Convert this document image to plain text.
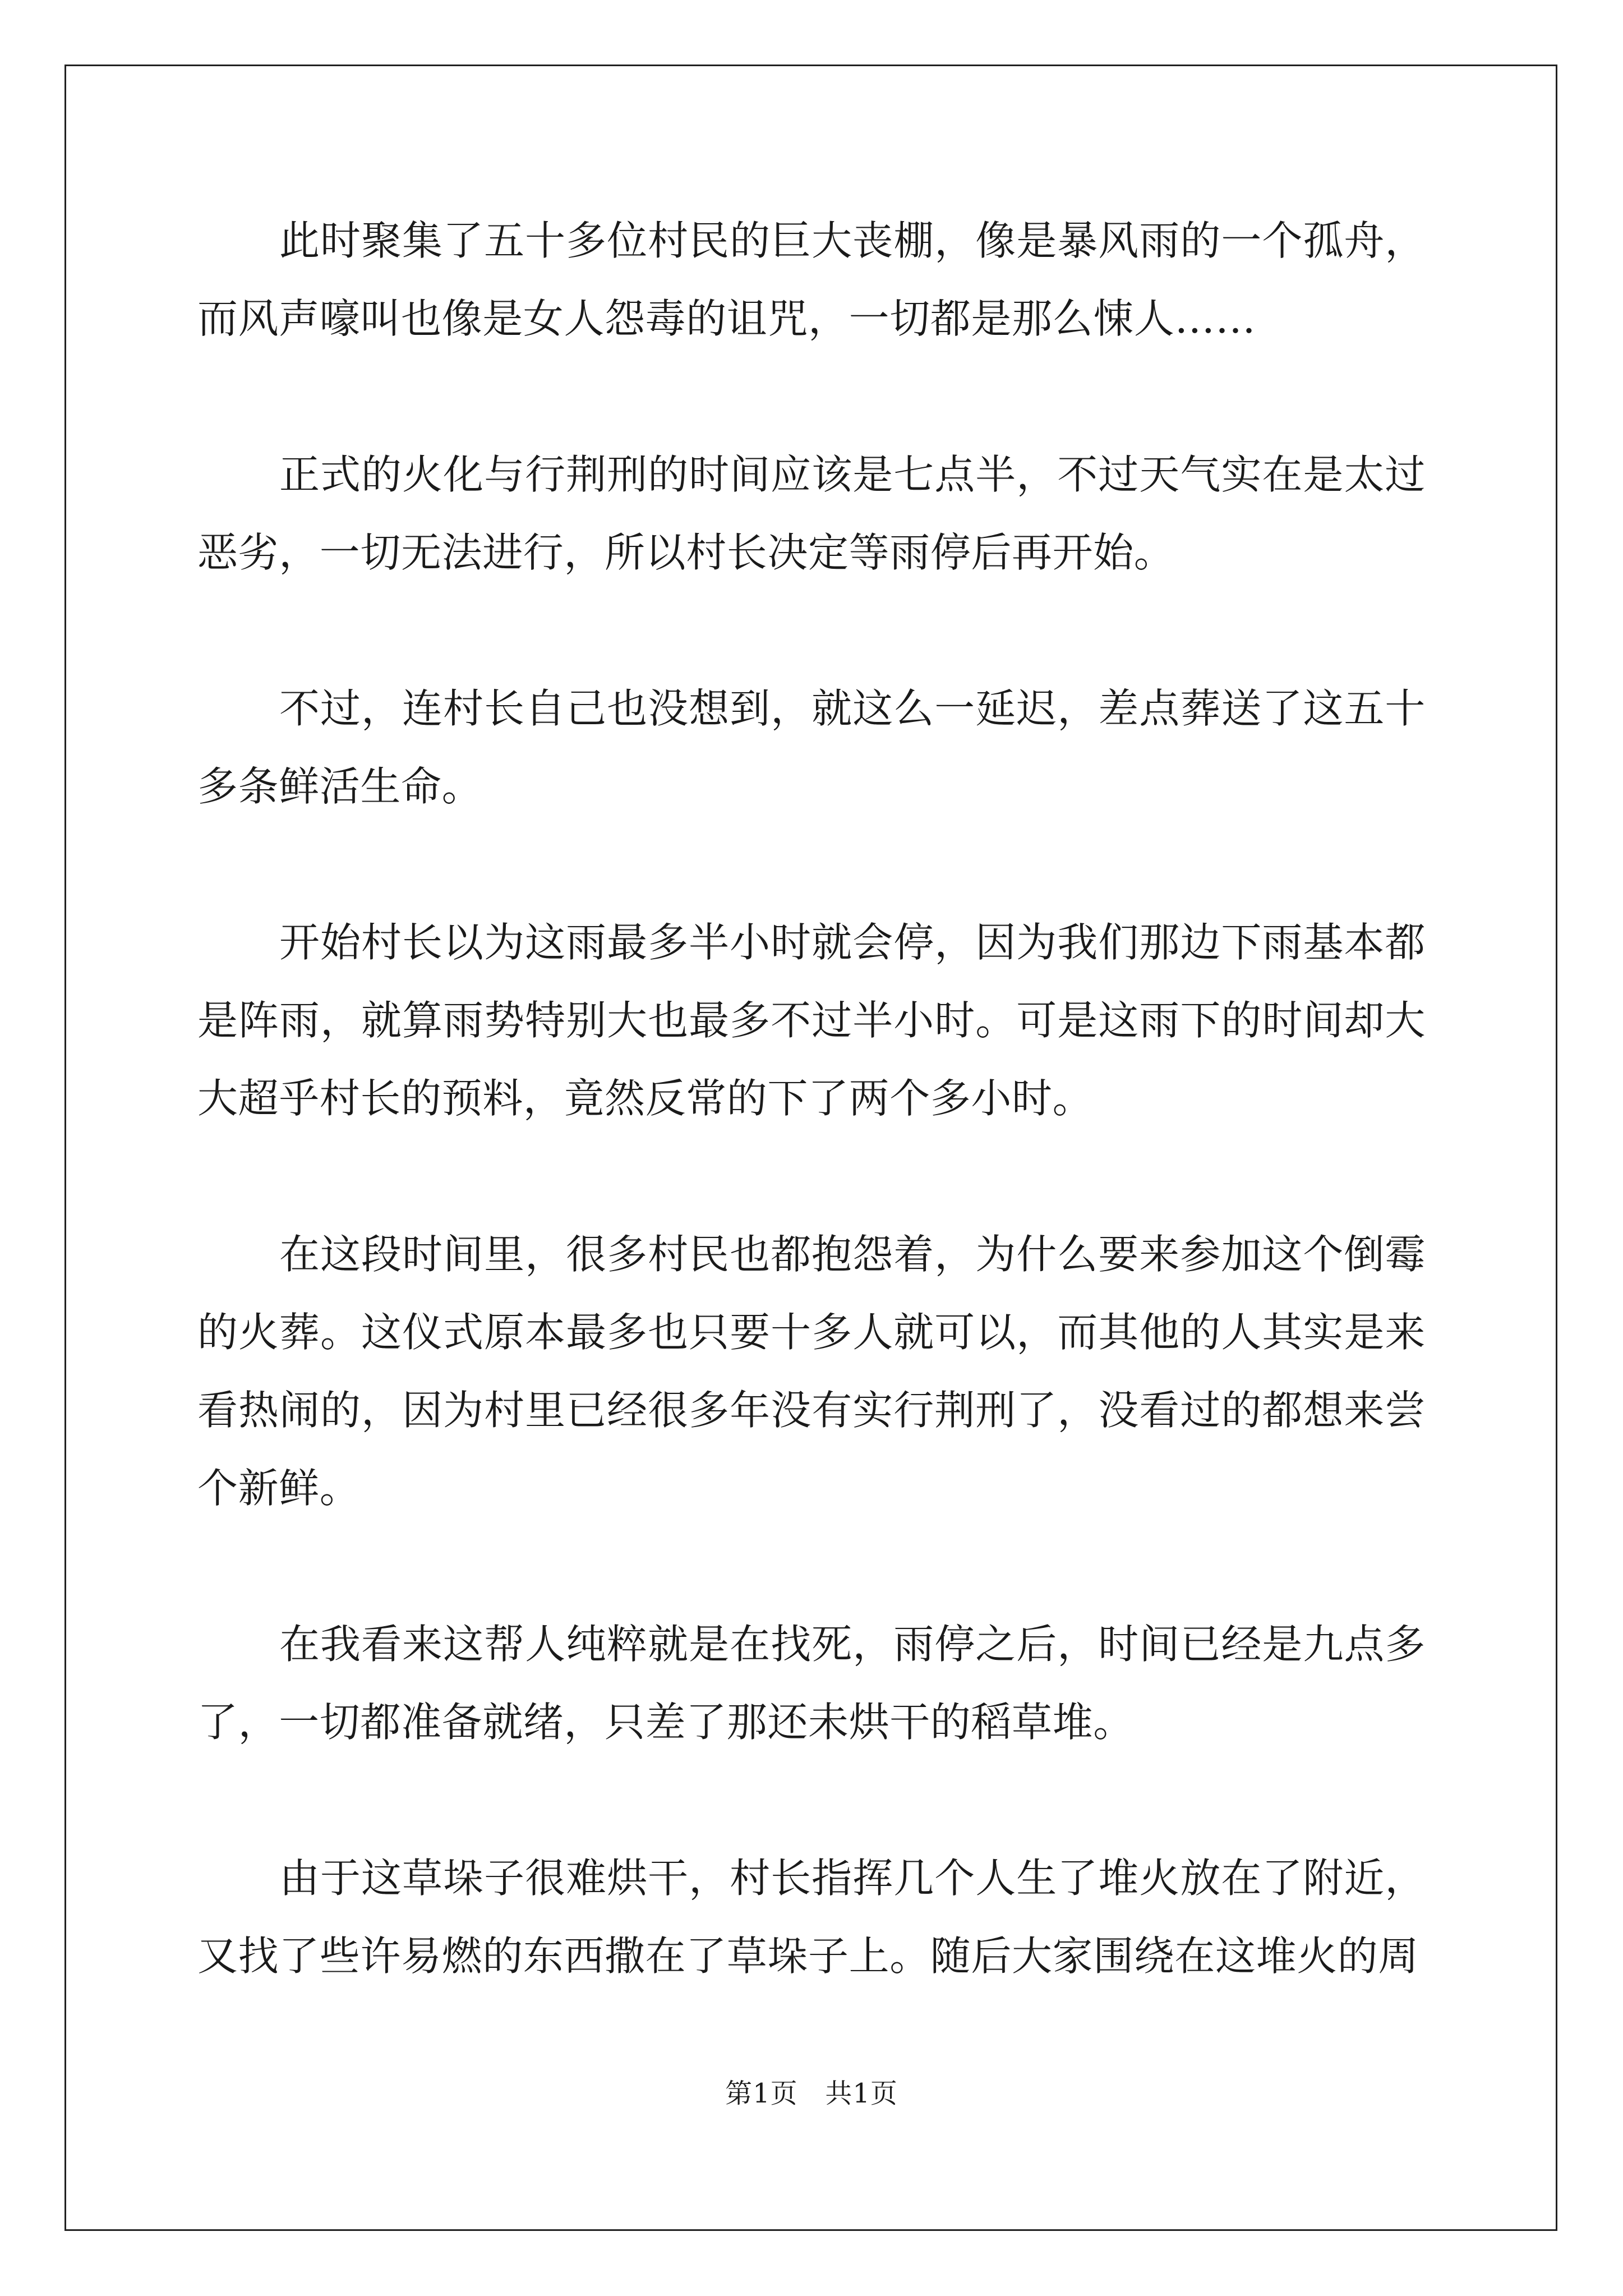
此时聚集了五十多位村民的巨大丧棚，像是暴风雨的一个孤舟，而风声嚎叫也像是女人怨毒的诅咒，一切都是那么悚人……

正式的火化与行荆刑的时间应该是七点半，不过天气实在是太过恶劣，一切无法进行，所以村长决定等雨停后再开始。

不过，连村长自己也没想到，就这么一延迟，差点葬送了这五十多条鲜活生命。

开始村长以为这雨最多半小时就会停，因为我们那边下雨基本都是阵雨，就算雨势特别大也最多不过半小时。可是这雨下的时间却大大超乎村长的预料，竟然反常的下了两个多小时。

在这段时间里，很多村民也都抱怨着，为什么要来参加这个倒霉的火葬。这仪式原本最多也只要十多人就可以，而其他的人其实是来看热闹的，因为村里已经很多年没有实行荆刑了，没看过的都想来尝个新鲜。

在我看来这帮人纯粹就是在找死，雨停之后，时间已经是九点多了，一切都准备就绪，只差了那还未烘干的稻草堆。

由于这草垛子很难烘干，村长指挥几个人生了堆火放在了附近，又找了些许易燃的东西撒在了草垛子上。随后大家围绕在这堆火的周

第1页   共1页
